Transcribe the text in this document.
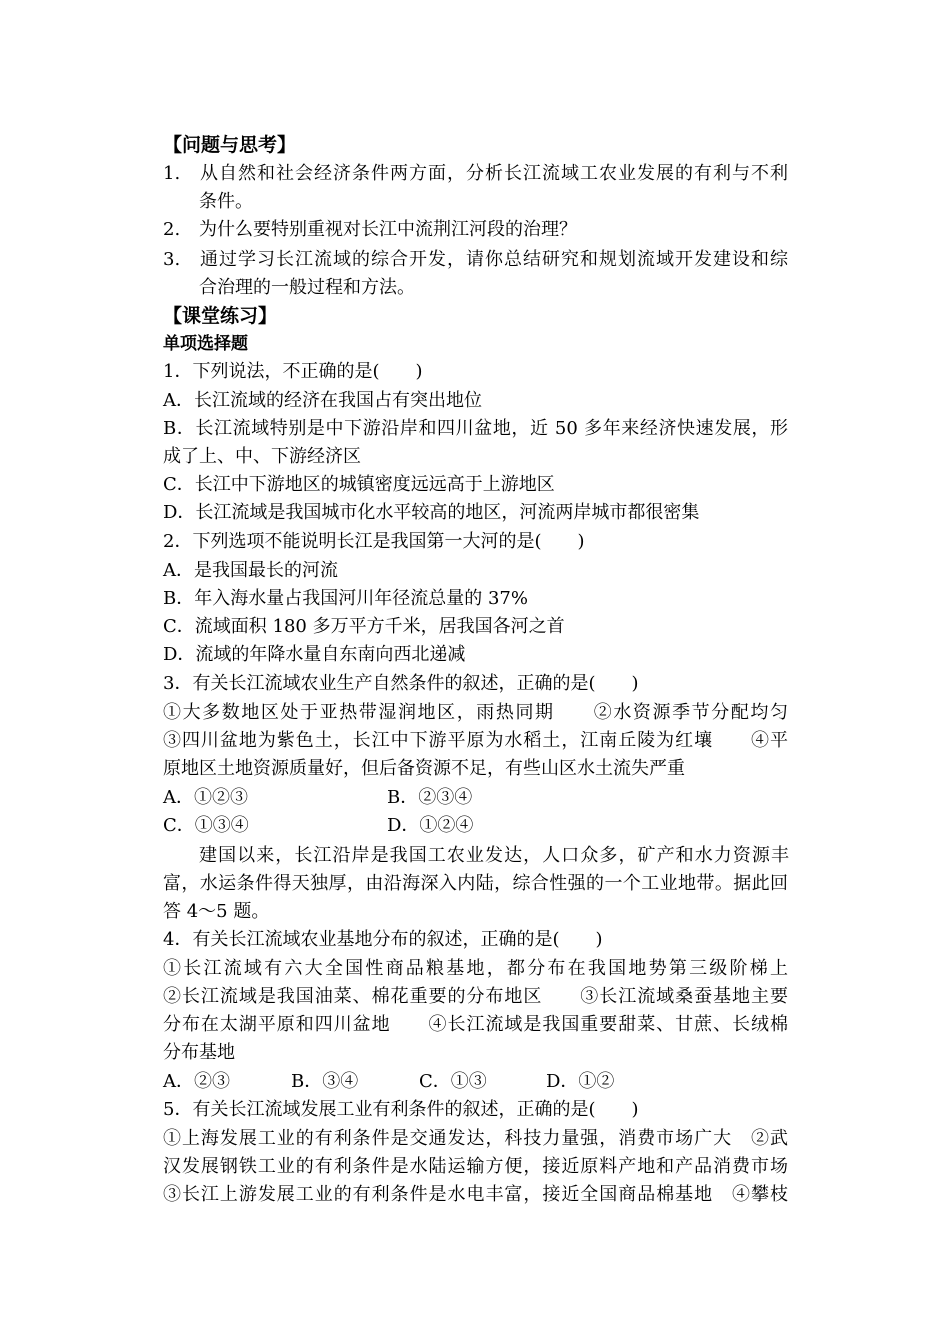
【问题与思考】
1. 从自然和社会经济条件两方面，分析长江流域工农业发展的有利与不利
条件。
2. 为什么要特别重视对长江中流荆江河段的治理？
3. 通过学习长江流域的综合开发，请你总结研究和规划流域开发建设和综
合治理的一般过程和方法。
【课堂练习】
单项选择题
1．下列说法，不正确的是(　　)
A．长江流域的经济在我国占有突出地位
B．长江流域特别是中下游沿岸和四川盆地，近 50 多年来经济快速发展，形
成了上、中、下游经济区
C．长江中下游地区的城镇密度远远高于上游地区
D．长江流域是我国城市化水平较高的地区，河流两岸城市都很密集
2．下列选项不能说明长江是我国第一大河的是(　　)
A．是我国最长的河流
B．年入海水量占我国河川年径流总量的 37%
C．流域面积 180 多万平方千米，居我国各河之首
D．流域的年降水量自东南向西北递减
3．有关长江流域农业生产自然条件的叙述，正确的是(　　)
①大多数地区处于亚热带湿润地区，雨热同期　　②水资源季节分配均匀
③四川盆地为紫色土，长江中下游平原为水稻土，江南丘陵为红壤　　④平
原地区土地资源质量好，但后备资源不足，有些山区水土流失严重
A．①②③	B．②③④
C．①③④	D．①②④
建国以来，长江沿岸是我国工农业发达，人口众多，矿产和水力资源丰
富，水运条件得天独厚，由沿海深入内陆，综合性强的一个工业地带。据此回
答 4～5 题。
4．有关长江流域农业基地分布的叙述，正确的是(　　)
①长江流域有六大全国性商品粮基地，都分布在我国地势第三级阶梯上
②长江流域是我国油菜、棉花重要的分布地区　　③长江流域桑蚕基地主要
分布在太湖平原和四川盆地　　④长江流域是我国重要甜菜、甘蔗、长绒棉
分布基地
A．②③	B．③④	C．①③	D．①②
5．有关长江流域发展工业有利条件的叙述，正确的是(　　)
①上海发展工业的有利条件是交通发达，科技力量强，消费市场广大　②武
汉发展钢铁工业的有利条件是水陆运输方便，接近原料产地和产品消费市场
③长江上游发展工业的有利条件是水电丰富，接近全国商品棉基地　④攀枝
